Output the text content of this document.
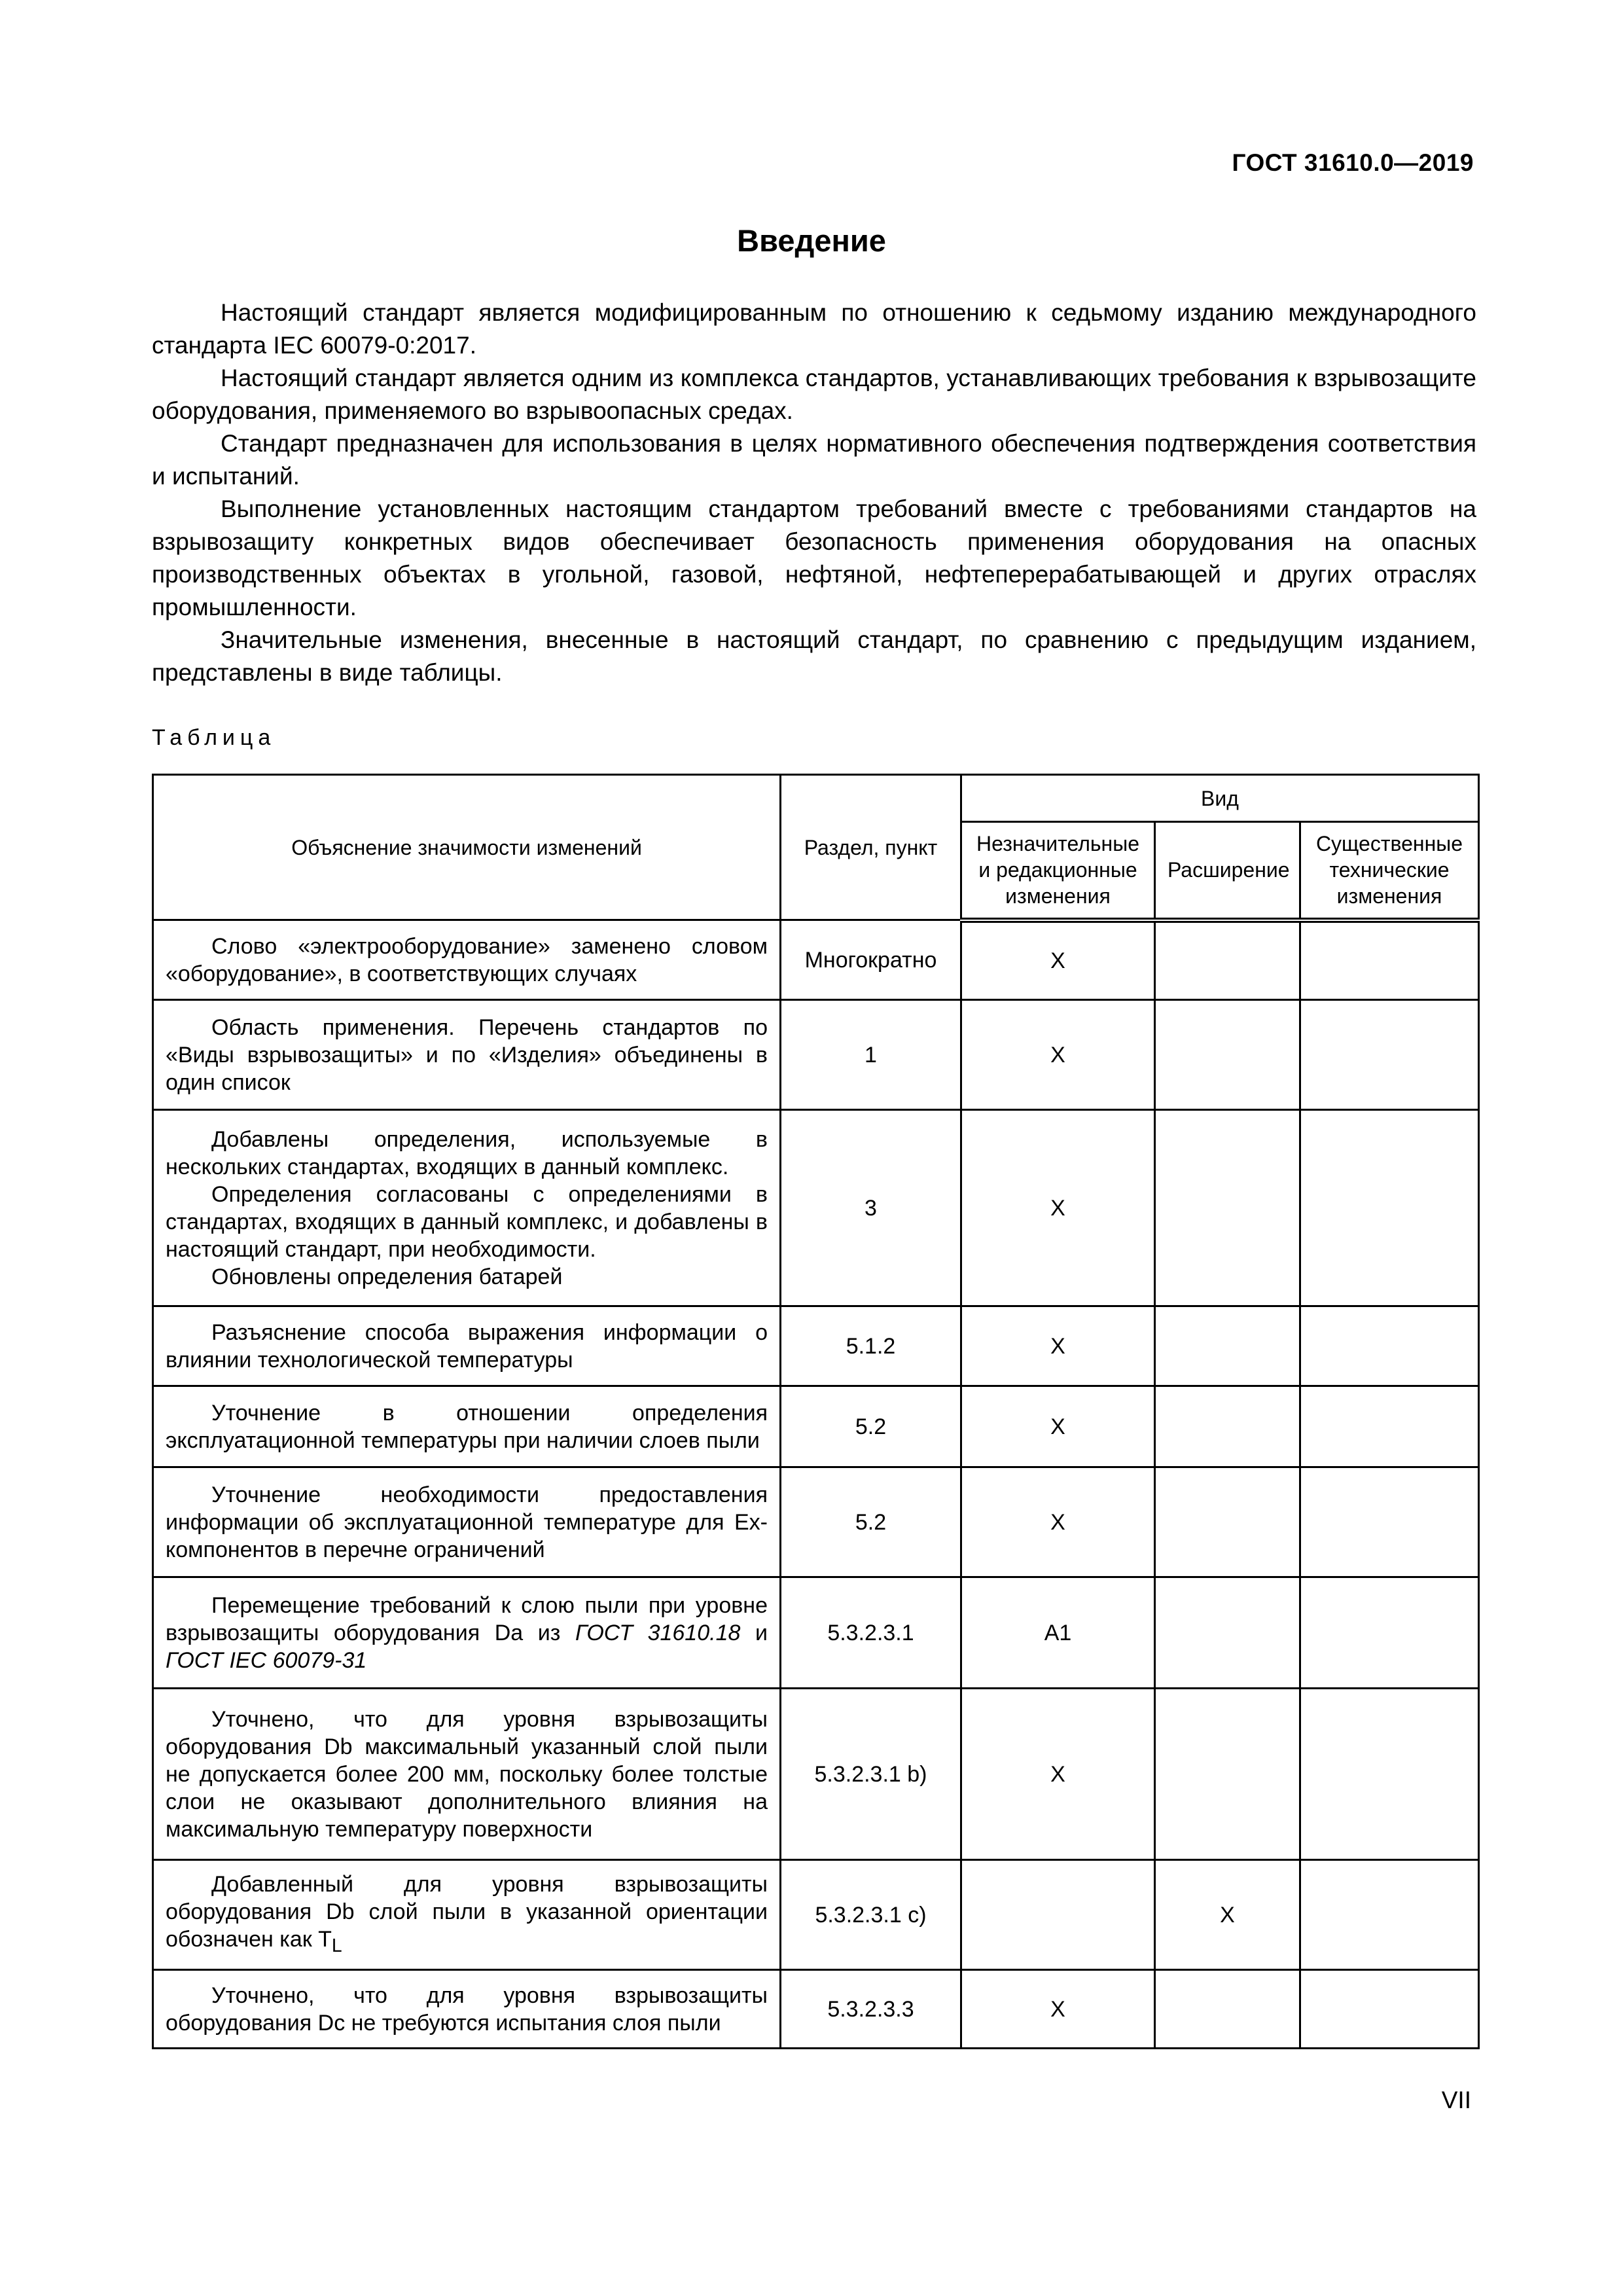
ГОСТ 31610.0—2019
Введение

Настоящий стандарт является модифицированным по отношению к седьмому изданию международного стандарта IEC 60079-0:2017.

Настоящий стандарт является одним из комплекса стандартов, устанавливающих требования к взрывозащите оборудования, применяемого во взрывоопасных средах.

Стандарт предназначен для использования в целях нормативного обеспечения подтверждения соответствия и испытаний.

Выполнение установленных настоящим стандартом требований вместе с требованиями стандартов на взрывозащиту конкретных видов обеспечивает безопасность применения оборудования на опасных производственных объектах в угольной, газовой, нефтяной, нефтеперерабатывающей и других отраслях промышленности.

Значительные изменения, внесенные в настоящий стандарт, по сравнению с предыдущим изданием, представлены в виде таблицы.

Таблица
Объяснение значимости изменений	Раздел, пункт	Вид		
		Незначительные и редакционные изменения	Расширение	Существенные технические изменения

Слово «электрооборудование» заменено словом «оборудование», в соответствующих случаях	Многократно	X		

Область применения. Перечень стандартов по «Виды взрывозащиты» и по «Изделия» объединены в один список	1	X		

Добавлены определения, используемые в нескольких стандартах, входящих в данный комплекс.
Определения согласованы с определениями в стандартах, входящих в данный комплекс, и добавлены в настоящий стандарт, при необходимости.
Обновлены определения батарей	3	X		

Разъяснение способа выражения информации о влиянии технологической температуры	5.1.2	X		

Уточнение в отношении определения эксплуатационной температуры при наличии слоев пыли	5.2	X		

Уточнение необходимости предоставления информации об эксплуатационной температуре для Ex-компонентов в перечне ограничений	5.2	X		

Перемещение требований к слою пыли при уровне взрывозащиты оборудования Da из ГОСТ 31610.18 и ГОСТ IEC 60079-31	5.3.2.3.1	A1		

Уточнено, что для уровня взрывозащиты оборудования Db максимальный указанный слой пыли не допускается более 200 мм, поскольку более толстые слои не оказывают дополнительного влияния на максимальную температуру поверхности	5.3.2.3.1 b)	X		

Добавленный для уровня взрывозащиты оборудования Db слой пыли в указанной ориентации обозначен как $T_L$	5.3.2.3.1 c)		X	

Уточнено, что для уровня взрывозащиты оборудования Dc не требуются испытания слоя пыли	5.3.2.3.3	X		
VII
